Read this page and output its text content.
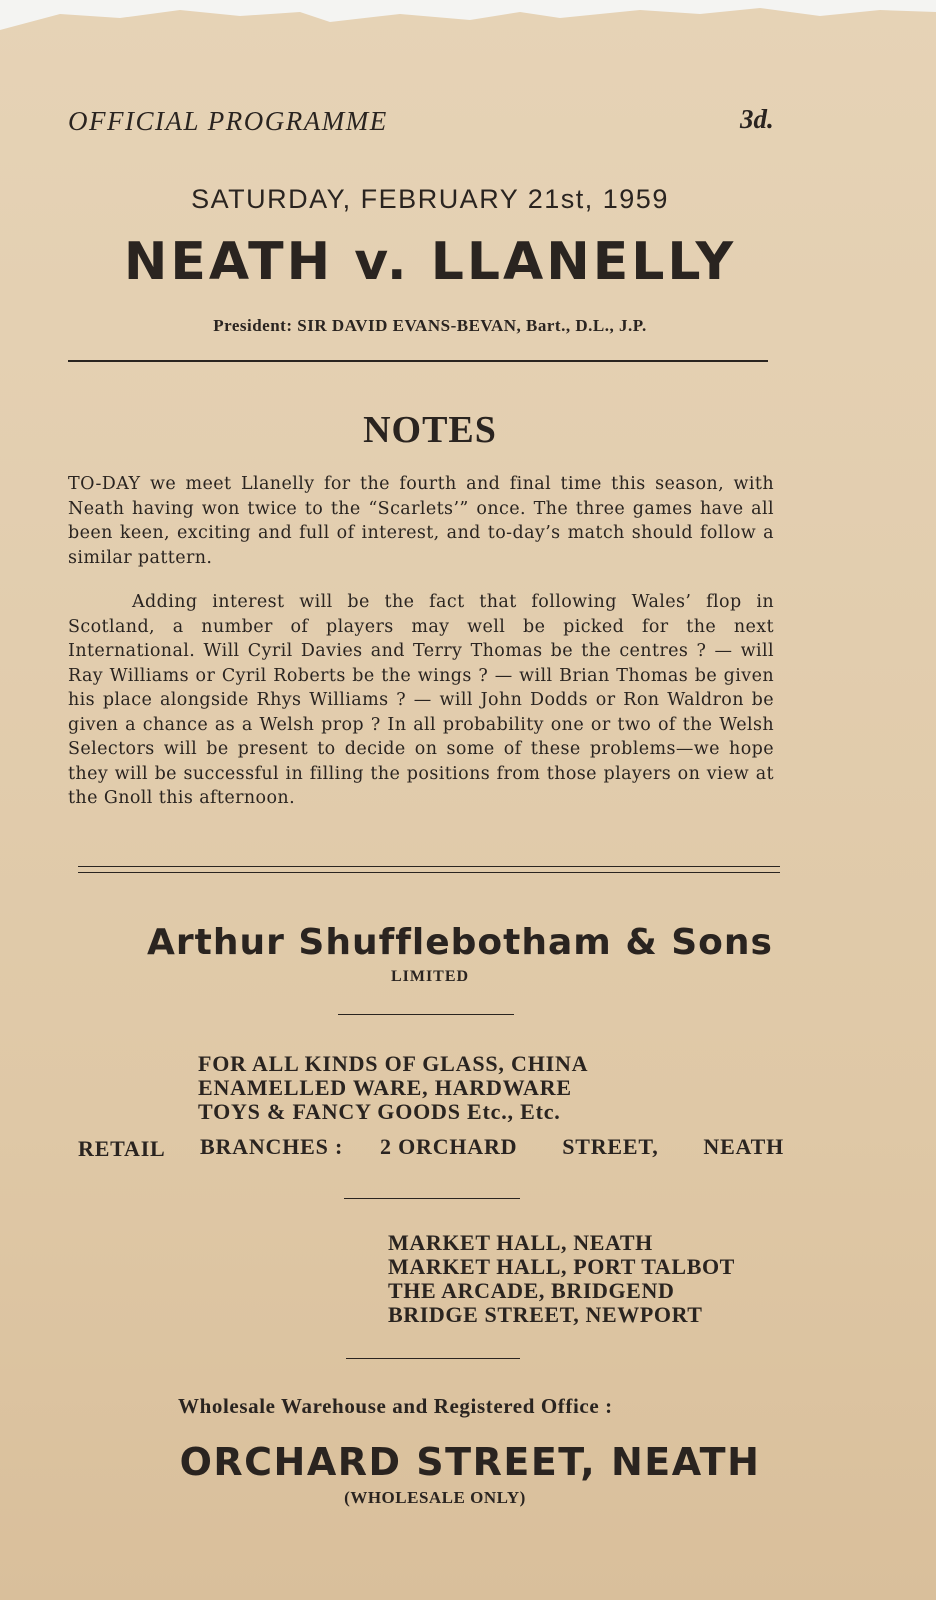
OFFICIAL PROGRAMME	3d.
SATURDAY, FEBRUARY 21st, 1959
NEATH v. LLANELLY
President: SIR DAVID EVANS-BEVAN, Bart., D.L., J.P.
NOTES
TO-DAY we meet Llanelly for the fourth and final time this season, with Neath having won twice to the “Scarlets’” once. The three games have all been keen, exciting and full of interest, and to-day’s match should follow a similar pattern.
Adding interest will be the fact that following Wales’ flop in Scotland, a number of players may well be picked for the next International. Will Cyril Davies and Terry Thomas be the centres ? — will Ray Williams or Cyril Roberts be the wings ? — will Brian Thomas be given his place alongside Rhys Williams ? — will John Dodds or Ron Waldron be given a chance as a Welsh prop ? In all probability one or two of the Welsh Selectors will be present to decide on some of these problems—we hope they will be successful in filling the positions from those players on view at the Gnoll this afternoon.
Arthur Shufflebotham & Sons
LIMITED
FOR ALL KINDS OF GLASS, CHINA
ENAMELLED WARE, HARDWARE
TOYS & FANCY GOODS Etc., Etc.
RETAIL BRANCHES : 2 ORCHARD STREET, NEATH
MARKET HALL, NEATH
MARKET HALL, PORT TALBOT
THE ARCADE, BRIDGEND
BRIDGE STREET, NEWPORT
Wholesale Warehouse and Registered Office :
ORCHARD STREET, NEATH
(WHOLESALE ONLY)
